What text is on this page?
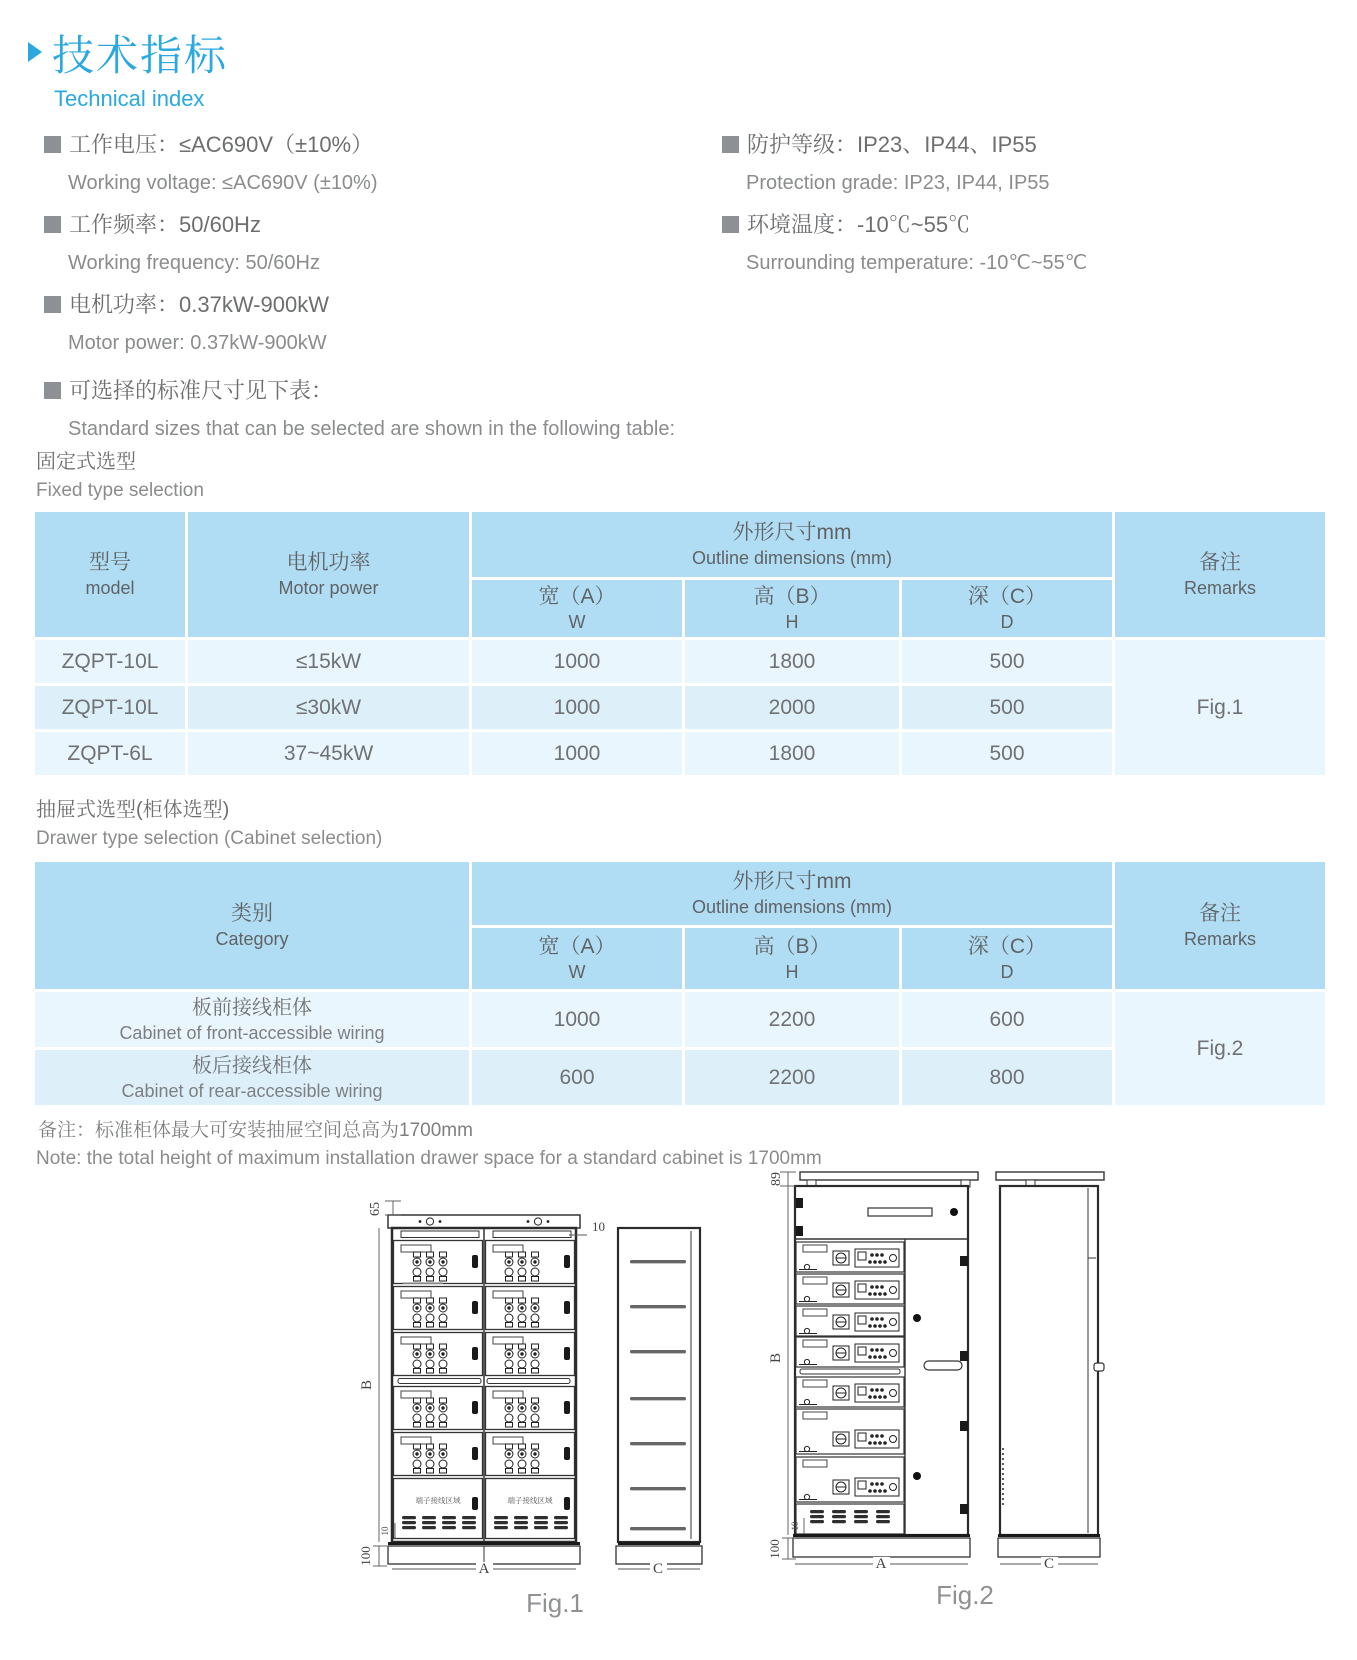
技术指标
Technical index
工作电压：≤AC690V（±10%）
Working voltage: ≤AC690V (±10%)
工作频率：50/60Hz
Working frequency: 50/60Hz
电机功率：0.37kW-900kW
Motor power: 0.37kW-900kW
防护等级：IP23、IP44、IP55
Protection grade: IP23, IP44, IP55
环境温度：-10℃~55℃
Surrounding temperature: -10℃~55℃
可选择的标准尺寸见下表：
Standard sizes that can be selected are shown in the following table:
固定式选型
Fixed type selection
型号
model

电机功率
Motor power

外形尺寸mm
Outline dimensions (mm)	备注
Remarks

宽（A）
W

高（B）
H

深（C）
D

ZQPT-10L	≤15kW	1000	1800	500	Fig.1
ZQPT-10L	≤30kW	1000	2000	500	
ZQPT-6L	37~45kW	1000	1800	500	
抽屉式选型(柜体选型)
Drawer type selection (Cabinet selection)
类别
Category

外形尺寸mm
Outline dimensions (mm)	备注
Remarks

宽（A）
W

高（B）
H

深（C）
D

板前接线柜体
Cabinet of front-accessible wiring	1000	2200	600	Fig.2

板后接线柜体
Cabinet of rear-accessible wiring	600	2200	800	
备注：标准柜体最大可安装抽屉空间总高为1700mm
Note: the total height of maximum installation drawer space for a standard cabinet is 1700mm
端子接线区域	端子接线区域
65
B
100
10
10
A	C
Fig.1
89
B
100
10
A	C
Fig.2
